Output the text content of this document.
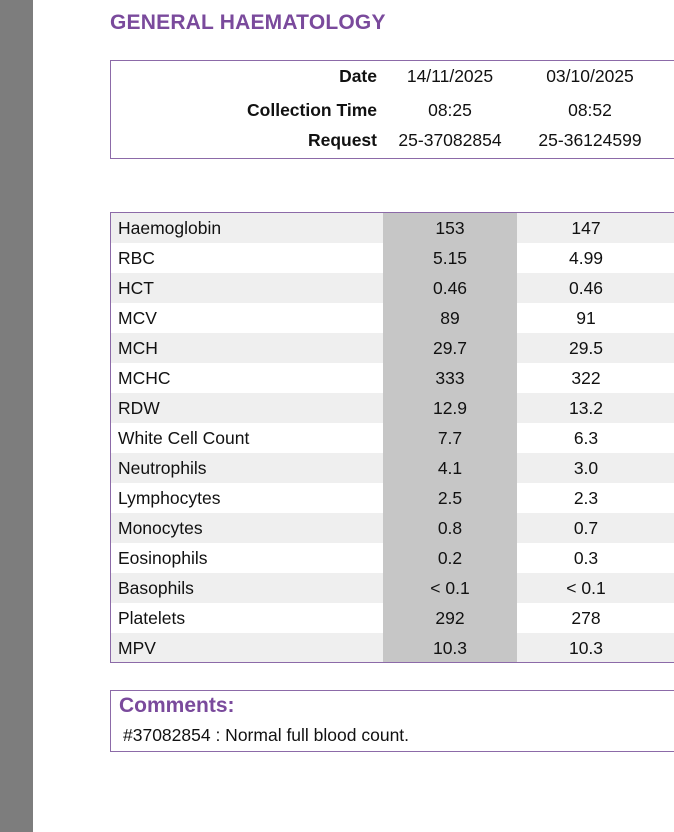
GENERAL HAEMATOLOGY
Date	14/11/2025	03/10/2025
Collection Time	08:25	08:52
Request	25-37082854	25-36124599
Haemoglobin	153	147
RBC	5.15	4.99
HCT	0.46	0.46
MCV	89	91
MCH	29.7	29.5
MCHC	333	322
RDW	12.9	13.2
White Cell Count	7.7	6.3
Neutrophils	4.1	3.0
Lymphocytes	2.5	2.3
Monocytes	0.8	0.7
Eosinophils	0.2	0.3
Basophils	< 0.1	< 0.1
Platelets	292	278
MPV	10.3	10.3
Comments:
#37082854 : Normal full blood count.
